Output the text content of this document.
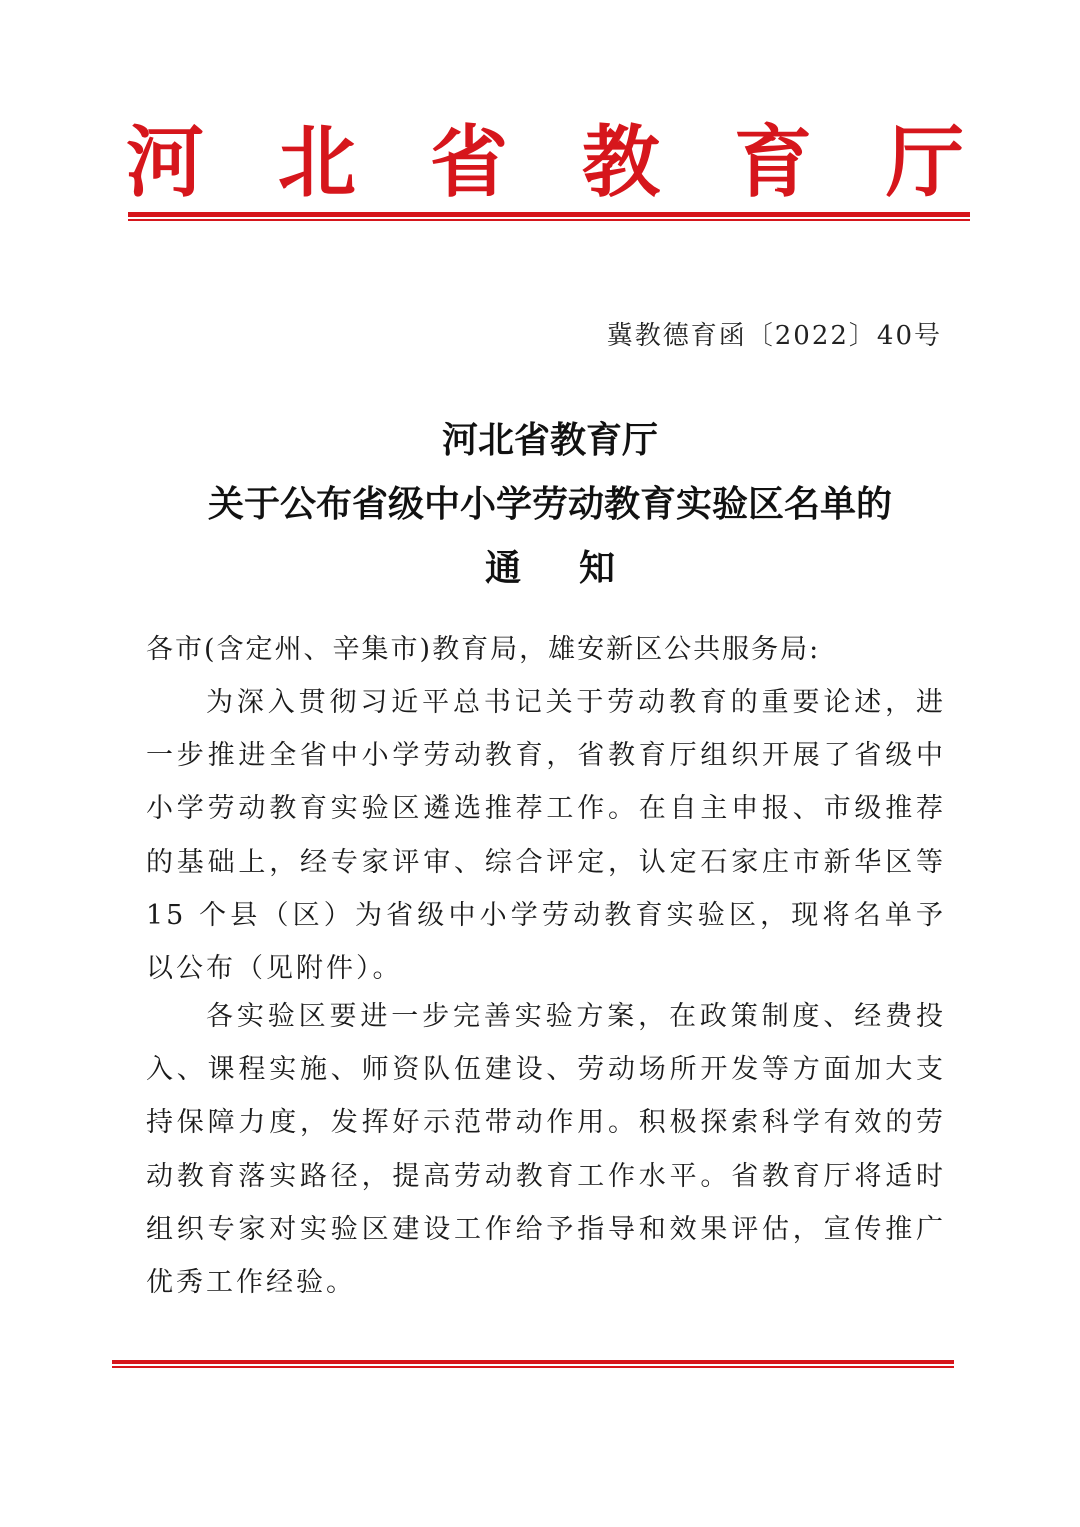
河 北 省 教 育 厅
冀教德育函〔2022〕40号
河北省教育厅
关于公布省级中小学劳动教育实验区名单的
通知
各市(含定州、辛集市)教育局，雄安新区公共服务局:
为深入贯彻习近平总书记关于劳动教育的重要论述，进一步推进全省中小学劳动教育，省教育厅组织开展了省级中小学劳动教育实验区遴选推荐工作。在自主申报、市级推荐的基础上，经专家评审、综合评定，认定石家庄市新华区等 15 个县（区）为省级中小学劳动教育实验区，现将名单予以公布（见附件）。
各实验区要进一步完善实验方案，在政策制度、经费投入、课程实施、师资队伍建设、劳动场所开发等方面加大支持保障力度，发挥好示范带动作用。积极探索科学有效的劳动教育落实路径，提高劳动教育工作水平。省教育厅将适时组织专家对实验区建设工作给予指导和效果评估，宣传推广优秀工作经验。
